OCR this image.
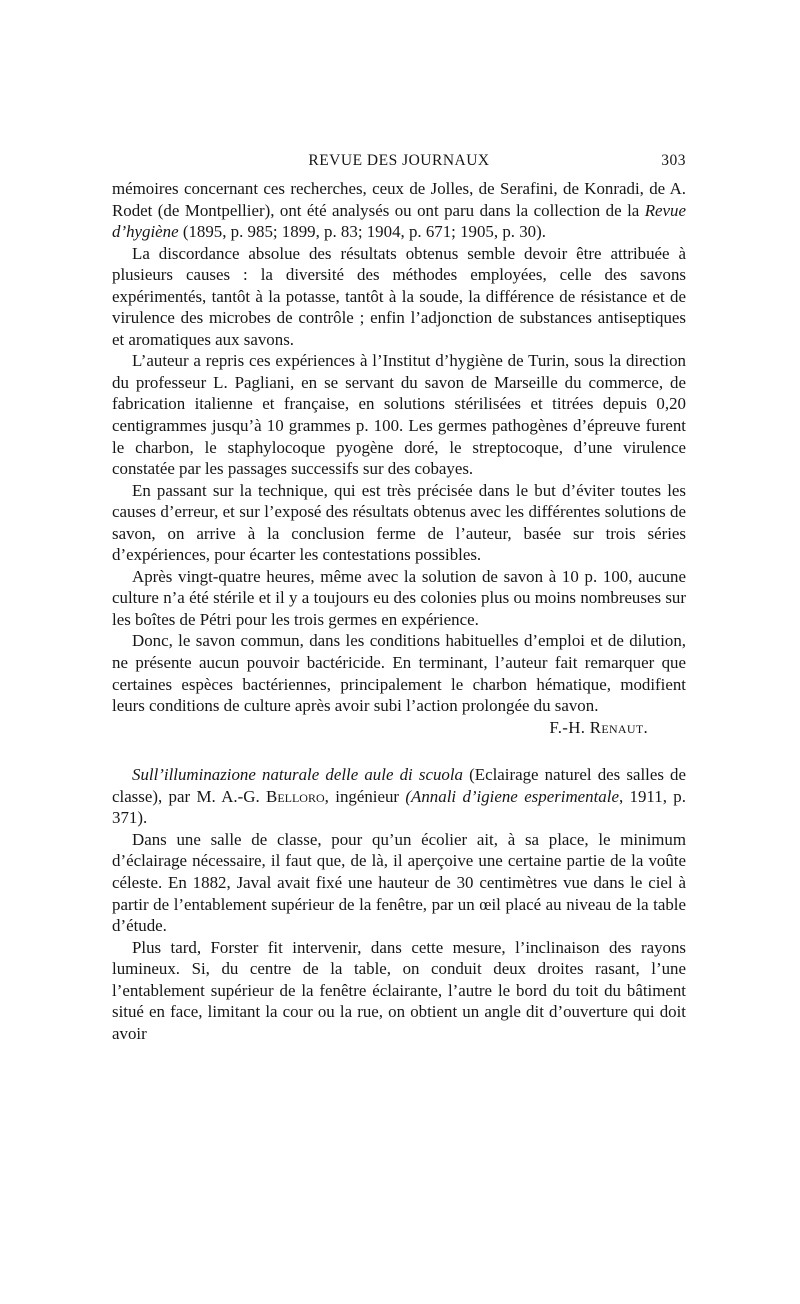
REVUE DES JOURNAUX	303

mémoires concernant ces recherches, ceux de Jolles, de Serafini, de Konradi, de A. Rodet (de Montpellier), ont été analysés ou ont paru dans la collection de la Revue d’hygiène (1895, p. 985; 1899, p. 83; 1904, p. 671; 1905, p. 30).

La discordance absolue des résultats obtenus semble devoir être attribuée à plusieurs causes : la diversité des méthodes employées, celle des savons expérimentés, tantôt à la potasse, tantôt à la soude, la différence de résistance et de virulence des microbes de contrôle ; enfin l’adjonction de substances antiseptiques et aromatiques aux savons.

L’auteur a repris ces expériences à l’Institut d’hygiène de Turin, sous la direction du professeur L. Pagliani, en se servant du savon de Marseille du commerce, de fabrication italienne et française, en solutions stérilisées et titrées depuis 0,20 centigrammes jusqu’à 10 grammes p. 100. Les germes pathogènes d’épreuve furent le charbon, le staphylocoque pyogène doré, le streptocoque, d’une virulence constatée par les passages successifs sur des cobayes.

En passant sur la technique, qui est très précisée dans le but d’éviter toutes les causes d’erreur, et sur l’exposé des résultats obtenus avec les différentes solutions de savon, on arrive à la conclusion ferme de l’auteur, basée sur trois séries d’expériences, pour écarter les contestations possibles.

Après vingt-quatre heures, même avec la solution de savon à 10 p. 100, aucune culture n’a été stérile et il y a toujours eu des colonies plus ou moins nombreuses sur les boîtes de Pétri pour les trois germes en expérience.

Donc, le savon commun, dans les conditions habituelles d’emploi et de dilution, ne présente aucun pouvoir bactéricide. En terminant, l’auteur fait remarquer que certaines espèces bactériennes, principalement le charbon hématique, modifient leurs conditions de culture après avoir subi l’action prolongée du savon.

F.-H. Renaut.

Sull’illuminazione naturale delle aule di scuola (Eclairage naturel des salles de classe), par M. A.-G. Belloro, ingénieur (Annali d’igiene esperimentale, 1911, p. 371).

Dans une salle de classe, pour qu’un écolier ait, à sa place, le minimum d’éclairage nécessaire, il faut que, de là, il aperçoive une certaine partie de la voûte céleste. En 1882, Javal avait fixé une hauteur de 30 centimètres vue dans le ciel à partir de l’entablement supérieur de la fenêtre, par un œil placé au niveau de la table d’étude.

Plus tard, Forster fit intervenir, dans cette mesure, l’inclinaison des rayons lumineux. Si, du centre de la table, on conduit deux droites rasant, l’une l’entablement supérieur de la fenêtre éclairante, l’autre le bord du toit du bâtiment situé en face, limitant la cour ou la rue, on obtient un angle dit d’ouverture qui doit avoir
